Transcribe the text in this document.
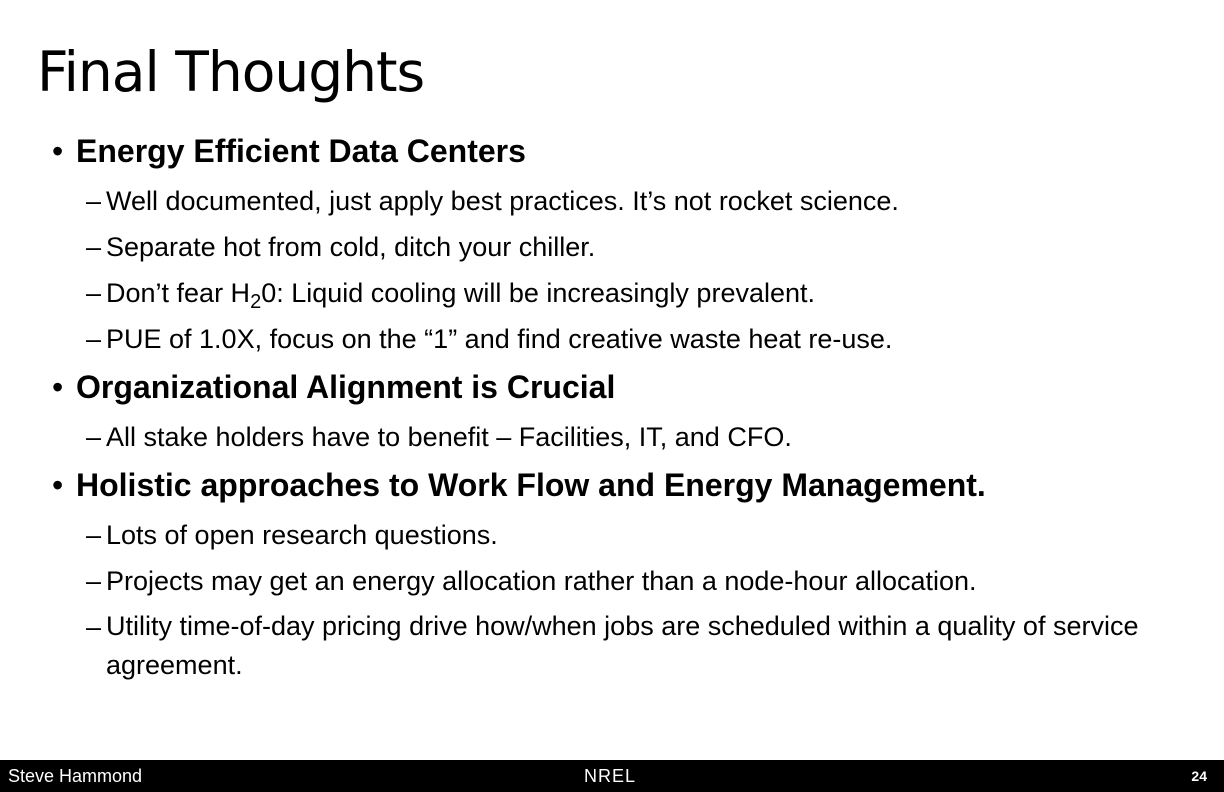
Final Thoughts
• Energy Efficient Data Centers
– Well documented, just apply best practices. It’s not rocket science.
– Separate hot from cold, ditch your chiller.
– Don’t fear $H_20$: Liquid cooling will be increasingly prevalent.
– PUE of 1.0X, focus on the “1” and find creative waste heat re-use.
• Organizational Alignment is Crucial
– All stake holders have to benefit – Facilities, IT, and CFO.
• Holistic approaches to Work Flow and Energy Management.
– Lots of open research questions.
– Projects may get an energy allocation rather than a node-hour allocation.
– Utility time-of-day pricing drive how/when jobs are scheduled within a quality of service agreement.
Steve Hammond	NREL	24
